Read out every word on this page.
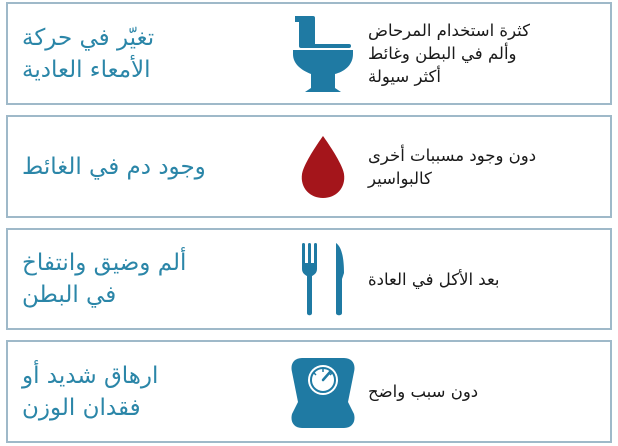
تغيّر في حركة
الأمعاء العادية
كثرة استخدام المرحاض
وألم في البطن وغائط
أكثر سيولة
وجود دم في الغائط	دون وجود مسببات أخرى
كالبواسير
ألم وضيق وانتفاخ
في البطن
بعد الأكل في العادة
ارهاق شديد أو
فقدان الوزن
دون سبب واضح
